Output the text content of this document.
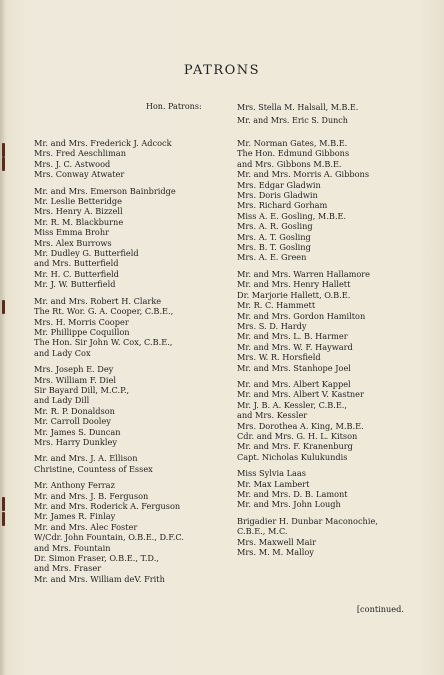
PATRONS
Hon. Patrons:	Mrs. Stella M. Halsall, M.B.E.
Mr. and Mrs. Eric S. Dunch
Mr. and Mrs. Frederick J. Adcock
Mrs. Fred Aeschliman
Mrs. J. C. Astwood
Mrs. Conway Atwater
Mr. and Mrs. Emerson Bainbridge
Mr. Leslie Betteridge
Mrs. Henry A. Bizzell
Mr. R. M. Blackburne
Miss Emma Brohr
Mrs. Alex Burrows
Mr. Dudley G. Butterfield
and Mrs. Butterfield
Mr. H. C. Butterfield
Mr. J. W. Butterfield
Mr. and Mrs. Robert H. Clarke
The Rt. Wor. G. A. Cooper, C.B.E.,
Mrs. H. Morris Cooper
Mr. Phillippe Coquillon
The Hon. Sir John W. Cox, C.B.E.,
and Lady Cox
Mrs. Joseph E. Dey
Mrs. William F. Diel
Sir Bayard Dill, M.C.P.,
and Lady Dill
Mr. R. P. Donaldson
Mr. Carroll Dooley
Mr. James S. Duncan
Mrs. Harry Dunkley
Mr. and Mrs. J. A. Ellison
Christine, Countess of Essex
Mr. Anthony Ferraz
Mr. and Mrs. J. B. Ferguson
Mr. and Mrs. Roderick A. Ferguson
Mr. James R. Finlay
Mr. and Mrs. Alec Foster
W/Cdr. John Fountain, O.B.E., D.F.C.
and Mrs. Fountain
Dr. Simon Fraser, O.B.E., T.D.,
and Mrs. Fraser
Mr. and Mrs. William deV. Frith
Mr. Norman Gates, M.B.E.
The Hon. Edmund Gibbons
and Mrs. Gibbons M.B.E.
Mr. and Mrs. Morris A. Gibbons
Mrs. Edgar Gladwin
Mrs. Doris Gladwin
Mrs. Richard Gorham
Miss A. E. Gosling, M.B.E.
Mrs. A. R. Gosling
Mrs. A. T. Gosling
Mrs. B. T. Gosling
Mrs. A. E. Green
Mr. and Mrs. Warren Hallamore
Mr. and Mrs. Henry Hallett
Dr. Marjorie Hallett, O.B.E.
Mr. R. C. Hammett
Mr. and Mrs. Gordon Hamilton
Mrs. S. D. Hardy
Mr. and Mrs. L. B. Harmer
Mr. and Mrs. W. F. Hayward
Mrs. W. R. Horsfield
Mr. and Mrs. Stanhope Joel
Mr. and Mrs. Albert Kappel
Mr. and Mrs. Albert V. Kastner
Mr. J. B. A. Kessler, C.B.E.,
and Mrs. Kessler
Mrs. Dorothea A. King, M.B.E.
Cdr. and Mrs. G. H. L. Kitson
Mr. and Mrs. F. Kranenburg
Capt. Nicholas Kulukundis
Miss Sylvia Laas
Mr. Max Lambert
Mr. and Mrs. D. B. Lamont
Mr. and Mrs. John Lough
Brigadier H. Dunbar Maconochie,
C.B.E., M.C.
Mrs. Maxwell Mair
Mrs. M. M. Malloy
[continued.
